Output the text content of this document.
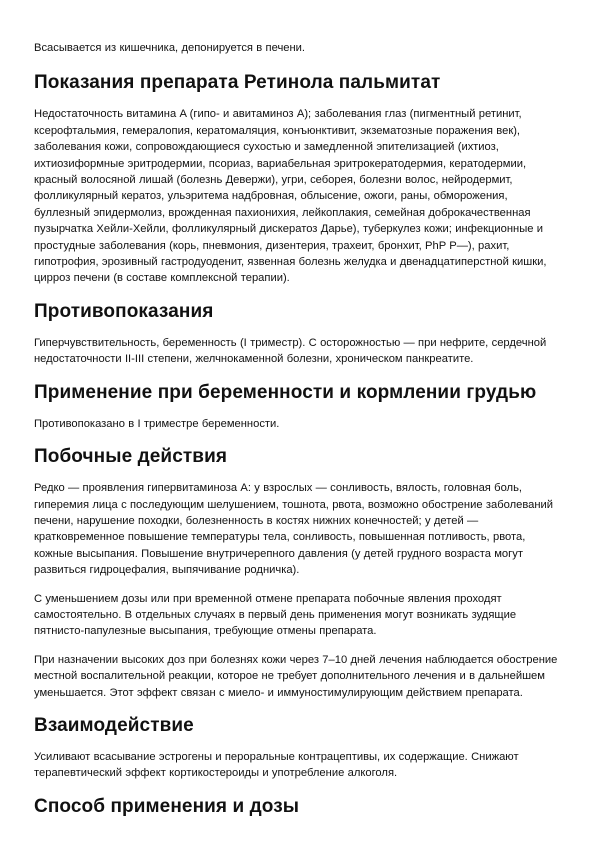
Всасывается из кишечника, депонируется в печени.

Показания препарата Ретинола пальмитат

Недостаточность витамина A (гипо- и авитаминоз A); заболевания глаз (пигментный ретинит, ксерофтальмия, гемералопия, кератомаляция, конъюнктивит, экзематозные поражения век), заболевания кожи, сопровождающиеся сухостью и замедленной эпителизацией (ихтиоз, ихтиозиформные эритродермии, псориаз, вариабельная эритрокератодермия, кератодермии, красный волосяной лишай (болезнь Девержи), угри, себорея, болезни волос, нейродермит, фолликулярный кератоз, ульэритема надбровная, облысение, ожоги, раны, обморожения, буллезный эпидермолиз, врожденная пахионихия, лейкоплакия, семейная доброкачественная пузырчатка Хейли-Хейли, фолликулярный дискератоз Дарье), туберкулез кожи; инфекционные и простудные заболевания (корь, пневмония, дизентерия, трахеит, бронхит, PhP P—), рахит, гипотрофия, эрозивный гастродуоденит, язвенная болезнь желудка и двенадцатиперстной кишки, цирроз печени (в составе комплексной терапии).

Противопоказания

Гиперчувствительность, беременность (I триместр). С осторожностью — при нефрите, сердечной недостаточности II-III степени, желчнокаменной болезни, хроническом панкреатите.

Применение при беременности и кормлении грудью

Противопоказано в I триместре беременности.

Побочные действия

Редко — проявления гипервитаминоза A: у взрослых — сонливость, вялость, головная боль, гиперемия лица с последующим шелушением, тошнота, рвота, возможно обострение заболеваний печени, нарушение походки, болезненность в костях нижних конечностей; у детей — кратковременное повышение температуры тела, сонливость, повышенная потливость, рвота, кожные высыпания. Повышение внутричерепного давления (у детей грудного возраста могут развиться гидроцефалия, выпячивание родничка).

С уменьшением дозы или при временной отмене препарата побочные явления проходят самостоятельно. В отдельных случаях в первый день применения могут возникать зудящие пятнисто-папулезные высыпания, требующие отмены препарата.

При назначении высоких доз при болезнях кожи через 7–10 дней лечения наблюдается обострение местной воспалительной реакции, которое не требует дополнительного лечения и в дальнейшем уменьшается. Этот эффект связан с миело- и иммуностимулирующим действием препарата.

Взаимодействие

Усиливают всасывание эстрогены и пероральные контрацептивы, их содержащие. Снижают терапевтический эффект кортикостероиды и употребление алкоголя.

Способ применения и дозы
